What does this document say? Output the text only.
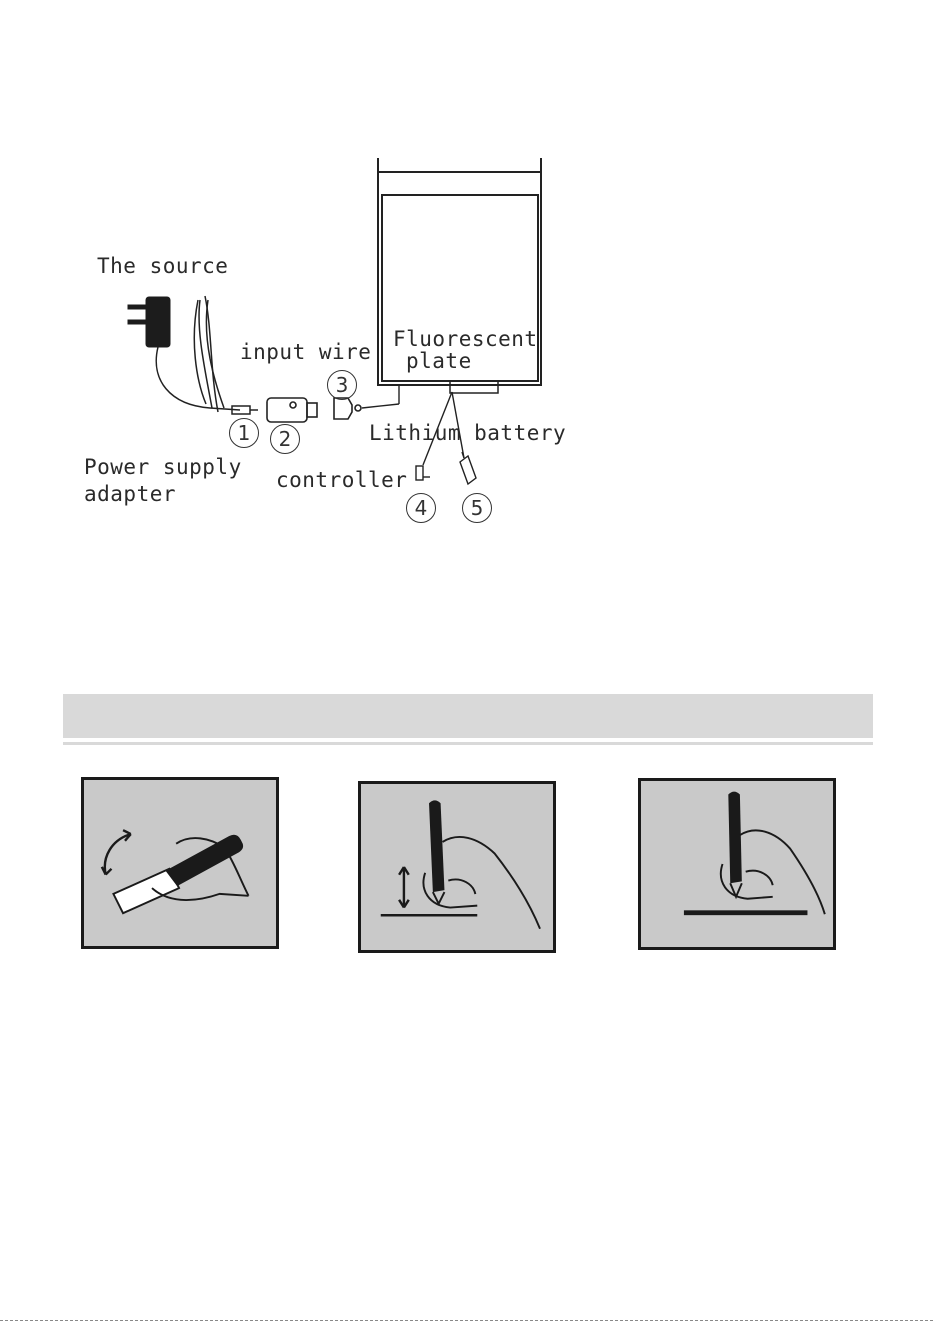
The source
input wire
Fluorescent
plate
Lithium battery
Power supply
adapter
controller
1	2
3
4	5
